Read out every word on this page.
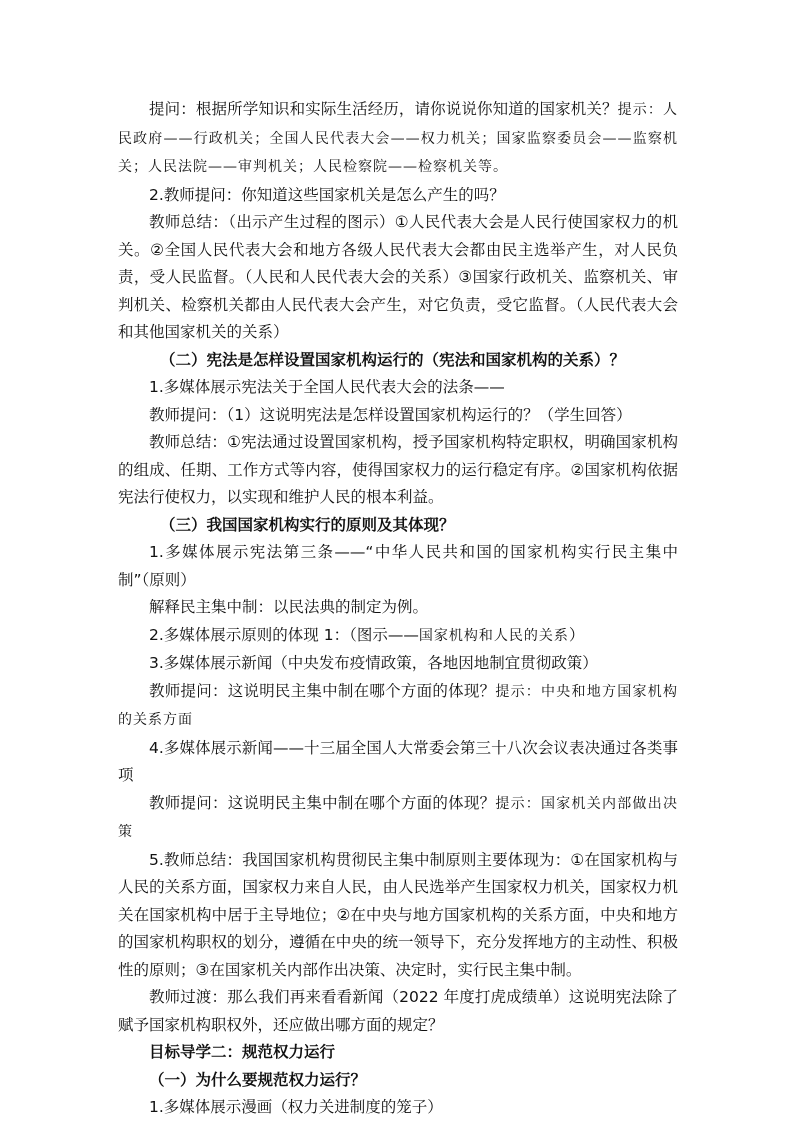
提问：根据所学知识和实际生活经历，请你说说你知道的国家机关？提示：人民政府——行政机关；全国人民代表大会——权力机关；国家监察委员会——监察机关；人民法院——审判机关；人民检察院——检察机关等。

2.教师提问：你知道这些国家机关是怎么产生的吗？

教师总结：（出示产生过程的图示）①人民代表大会是人民行使国家权力的机关。②全国人民代表大会和地方各级人民代表大会都由民主选举产生，对人民负责，受人民监督。（人民和人民代表大会的关系）③国家行政机关、监察机关、审判机关、检察机关都由人民代表大会产生，对它负责，受它监督。（人民代表大会和其他国家机关的关系）

（二）宪法是怎样设置国家机构运行的（宪法和国家机构的关系）？

1.多媒体展示宪法关于全国人民代表大会的法条——

教师提问：（1）这说明宪法是怎样设置国家机构运行的？（学生回答）

教师总结：①宪法通过设置国家机构，授予国家机构特定职权，明确国家机构的组成、任期、工作方式等内容，使得国家权力的运行稳定有序。②国家机构依据宪法行使权力，以实现和维护人民的根本利益。

（三）我国国家机构实行的原则及其体现？

1.多媒体展示宪法第三条——“中华人民共和国的国家机构实行民主集中制”（原则）

解释民主集中制：以民法典的制定为例。

2.多媒体展示原则的体现 1：（图示——国家机构和人民的关系）

3.多媒体展示新闻（中央发布疫情政策，各地因地制宜贯彻政策）

教师提问：这说明民主集中制在哪个方面的体现？提示：中央和地方国家机构的关系方面

4.多媒体展示新闻——十三届全国人大常委会第三十八次会议表决通过各类事项

教师提问：这说明民主集中制在哪个方面的体现？提示：国家机关内部做出决策

5.教师总结：我国国家机构贯彻民主集中制原则主要体现为：①在国家机构与人民的关系方面，国家权力来自人民，由人民选举产生国家权力机关，国家权力机关在国家机构中居于主导地位；②在中央与地方国家机构的关系方面，中央和地方的国家机构职权的划分，遵循在中央的统一领导下，充分发挥地方的主动性、积极性的原则；③在国家机关内部作出决策、决定时，实行民主集中制。

教师过渡：那么我们再来看看新闻（2022 年度打虎成绩单）这说明宪法除了赋予国家机构职权外，还应做出哪方面的规定？

目标导学二：规范权力运行

（一）为什么要规范权力运行？

1.多媒体展示漫画（权力关进制度的笼子）
